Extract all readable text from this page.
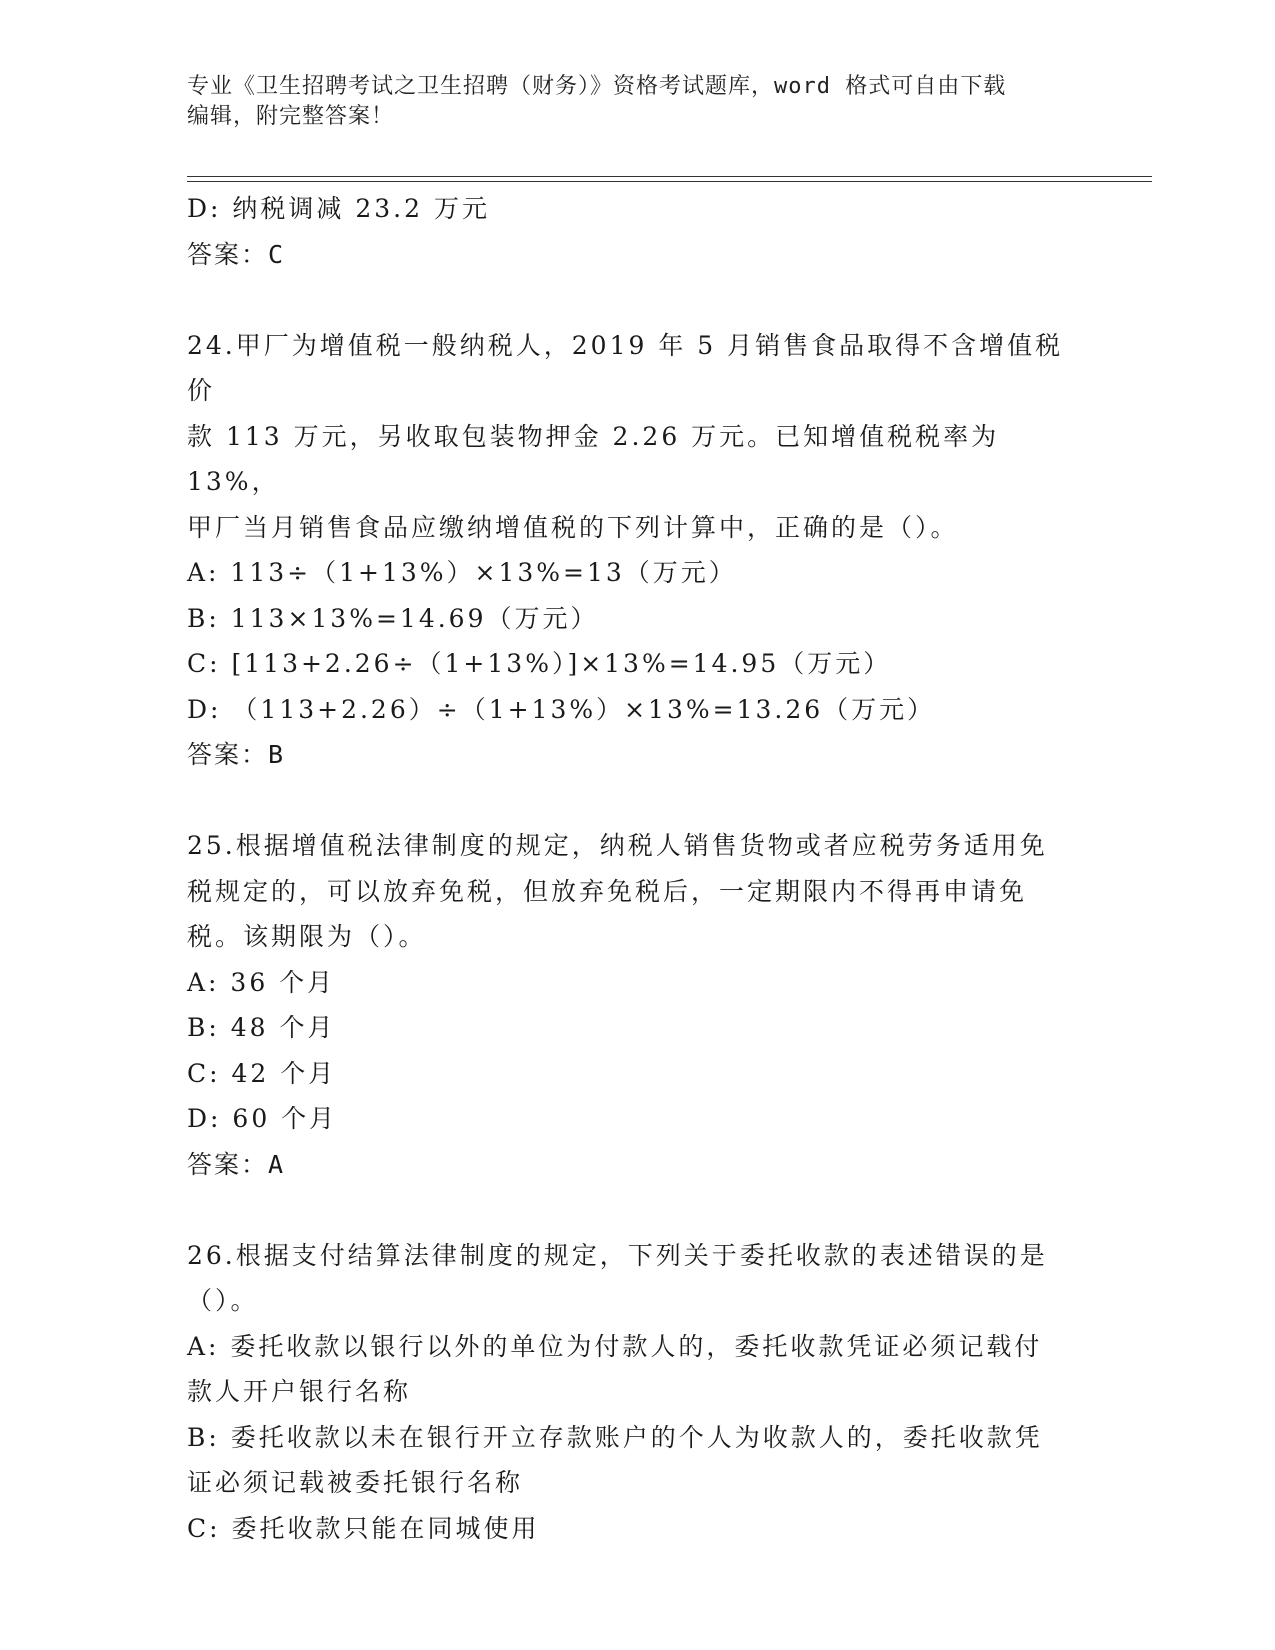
专业《卫生招聘考试之卫生招聘（财务）》资格考试题库，word 格式可自由下载
编辑，附完整答案！
D: 纳税调减 23.2 万元
答案：C
24.甲厂为增值税一般纳税人，2019 年 5 月销售食品取得不含增值税价
款 113 万元，另收取包装物押金 2.26 万元。已知增值税税率为 13%，
甲厂当月销售食品应缴纳增值税的下列计算中，正确的是（）。
A: 113÷（1+13%）×13%=13（万元）
B: 113×13%=14.69（万元）
C: [113+2.26÷（1+13%）]×13%=14.95（万元）
D: （113+2.26）÷（1+13%）×13%=13.26（万元）
答案：B
25.根据增值税法律制度的规定，纳税人销售货物或者应税劳务适用免
税规定的，可以放弃免税，但放弃免税后，一定期限内不得再申请免
税。该期限为（）。
A: 36 个月
B: 48 个月
C: 42 个月
D: 60 个月
答案：A
26.根据支付结算法律制度的规定，下列关于委托收款的表述错误的是
（）。
A: 委托收款以银行以外的单位为付款人的，委托收款凭证必须记载付
款人开户银行名称
B: 委托收款以未在银行开立存款账户的个人为收款人的，委托收款凭
证必须记载被委托银行名称
C: 委托收款只能在同城使用
